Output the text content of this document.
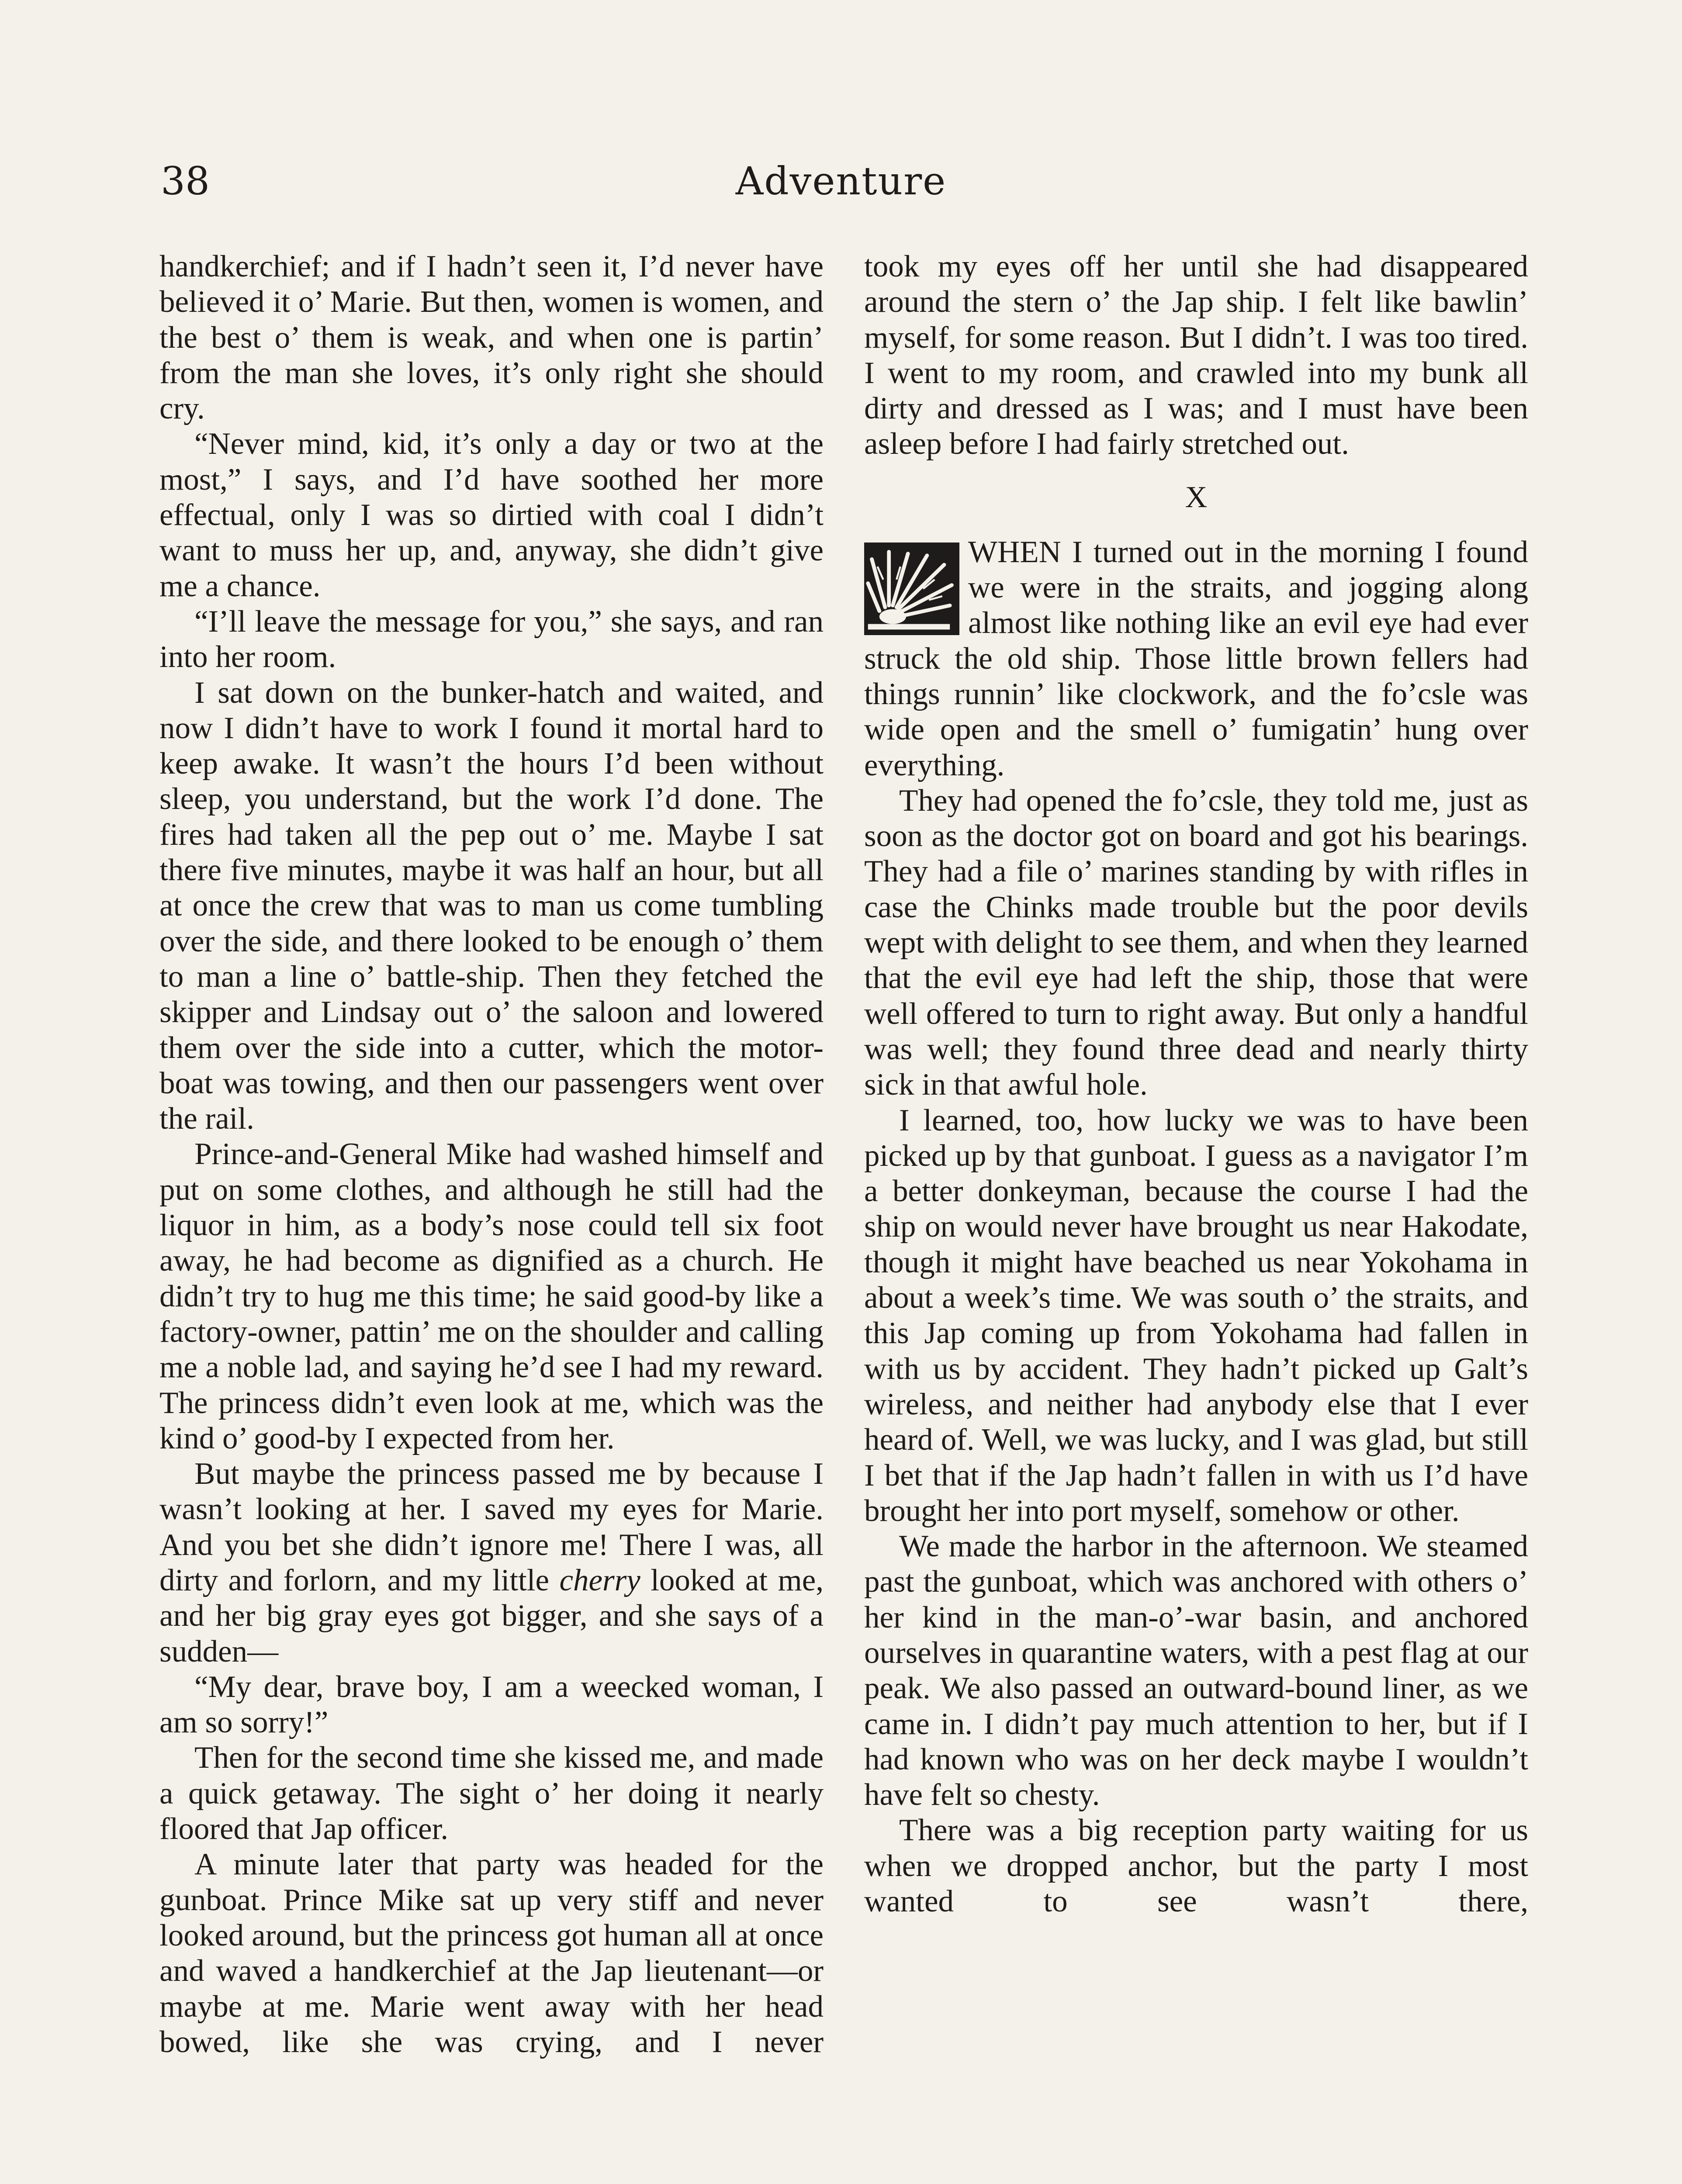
38	Adventure

handkerchief; and if I hadn’t seen it, I’d never have believed it o’ Marie. But then, women is women, and the best o’ them is weak, and when one is partin’ from the man she loves, it’s only right she should cry.

“Never mind, kid, it’s only a day or two at the most,” I says, and I’d have soothed her more effectual, only I was so dirtied with coal I didn’t want to muss her up, and, anyway, she didn’t give me a chance.

“I’ll leave the message for you,” she says, and ran into her room.

I sat down on the bunker-hatch and waited, and now I didn’t have to work I found it mortal hard to keep awake. It wasn’t the hours I’d been without sleep, you understand, but the work I’d done. The fires had taken all the pep out o’ me. Maybe I sat there five minutes, maybe it was half an hour, but all at once the crew that was to man us come tumbling over the side, and there looked to be enough o’ them to man a line o’ battle-ship. Then they fetched the skipper and Lindsay out o’ the saloon and lowered them over the side into a cutter, which the motor-boat was towing, and then our passengers went over the rail.

Prince-and-General Mike had washed himself and put on some clothes, and although he still had the liquor in him, as a body’s nose could tell six foot away, he had become as dignified as a church. He didn’t try to hug me this time; he said good-by like a factory-owner, pattin’ me on the shoulder and calling me a noble lad, and saying he’d see I had my reward. The princess didn’t even look at me, which was the kind o’ good-by I expected from her.

But maybe the princess passed me by because I wasn’t looking at her. I saved my eyes for Marie. And you bet she didn’t ignore me! There I was, all dirty and forlorn, and my little cherry looked at me, and her big gray eyes got bigger, and she says of a sudden—

“My dear, brave boy, I am a weecked woman, I am so sorry!”

Then for the second time she kissed me, and made a quick getaway. The sight o’ her doing it nearly floored that Jap officer.

A minute later that party was headed for the gunboat. Prince Mike sat up very stiff and never looked around, but the princess got human all at once and waved a handkerchief at the Jap lieutenant—or maybe at me. Marie went away with her head bowed, like she was crying, and I never

took my eyes off her until she had disappeared around the stern o’ the Jap ship. I felt like bawlin’ myself, for some reason. But I didn’t. I was too tired. I went to my room, and crawled into my bunk all dirty and dressed as I was; and I must have been asleep before I had fairly stretched out.

X

WHEN I turned out in the morning I found we were in the straits, and jogging along almost like nothing like an evil eye had ever struck the old ship. Those little brown fellers had things runnin’ like clockwork, and the fo’csle was wide open and the smell o’ fumigatin’ hung over everything.

They had opened the fo’csle, they told me, just as soon as the doctor got on board and got his bearings. They had a file o’ marines standing by with rifles in case the Chinks made trouble but the poor devils wept with delight to see them, and when they learned that the evil eye had left the ship, those that were well offered to turn to right away. But only a handful was well; they found three dead and nearly thirty sick in that awful hole.

I learned, too, how lucky we was to have been picked up by that gunboat. I guess as a navigator I’m a better donkeyman, because the course I had the ship on would never have brought us near Hakodate, though it might have beached us near Yokohama in about a week’s time. We was south o’ the straits, and this Jap coming up from Yokohama had fallen in with us by accident. They hadn’t picked up Galt’s wireless, and neither had anybody else that I ever heard of. Well, we was lucky, and I was glad, but still I bet that if the Jap hadn’t fallen in with us I’d have brought her into port myself, somehow or other.

We made the harbor in the afternoon. We steamed past the gunboat, which was anchored with others o’ her kind in the man-o’-war basin, and anchored ourselves in quarantine waters, with a pest flag at our peak. We also passed an outward-bound liner, as we came in. I didn’t pay much attention to her, but if I had known who was on her deck maybe I wouldn’t have felt so chesty.

There was a big reception party waiting for us when we dropped anchor, but the party I most wanted to see wasn’t there,
